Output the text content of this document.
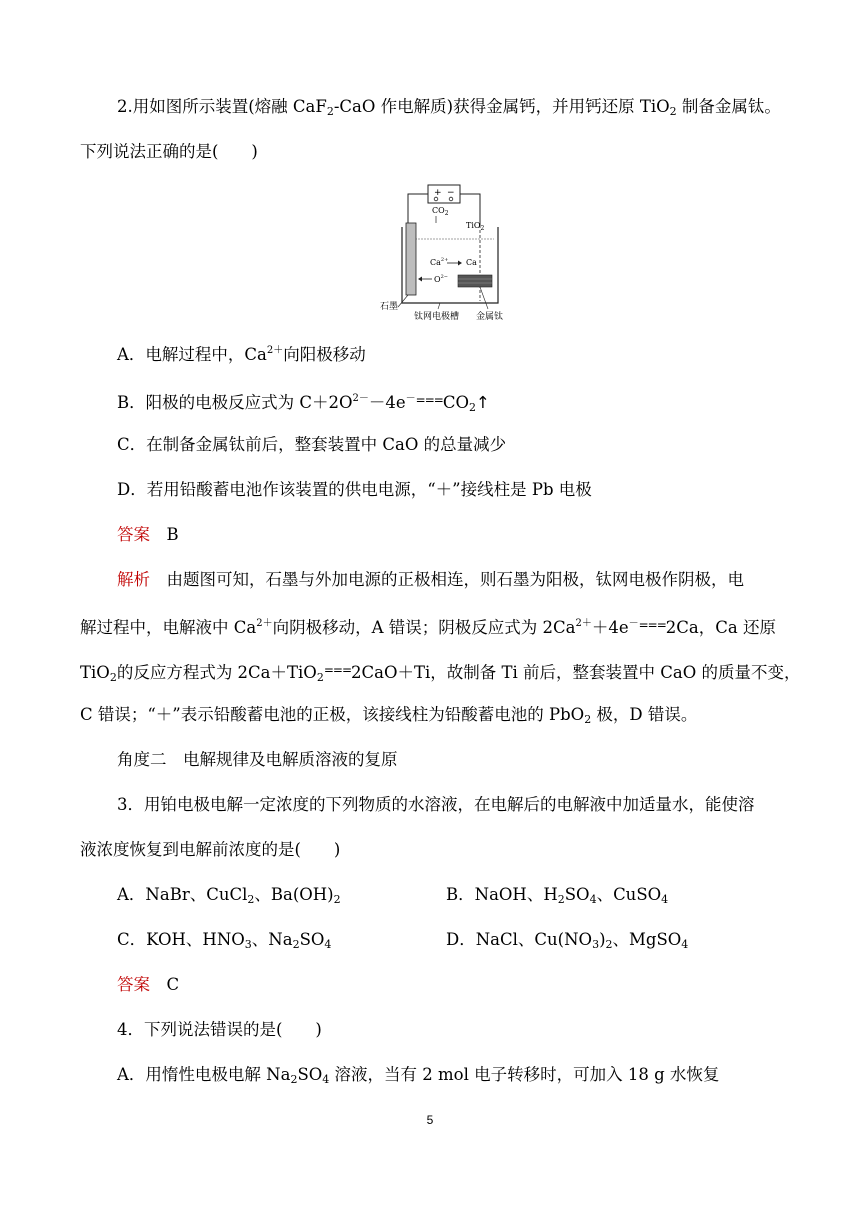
2.用如图所示装置(熔融 CaF$_2$-CaO 作电解质)获得金属钙，并用钙还原 TiO$_2$ 制备金属钛。
下列说法正确的是(　　)
+ −
$CO_2$
TiO$_2$
$Ca^{2+}$ Ca
$O^{2-}$
石墨
钛网电极槽 金属钛
A．电解过程中，$Ca^{2+}$向阳极移动
B．阳极的电极反应式为 $C+2O^{2-}-4e^-===CO_2↑$
C．在制备金属钛前后，整套装置中 CaO 的总量减少
D．若用铅酸蓄电池作该装置的供电电源，“＋”接线柱是 Pb 电极
答案　 B
解析　 由题图可知，石墨与外加电源的正极相连，则石墨为阳极，钛网电极作阴极，电
解过程中，电解液中 $Ca^{2+}$向阴极移动，A 错误；阴极反应式为 $2Ca^{2+}+4e^-===2Ca$，Ca 还原
TiO$_2$的反应方程式为 2Ca＋TiO$_2$===2CaO＋Ti，故制备 Ti 前后，整套装置中 CaO 的质量不变，
C 错误；“＋”表示铅酸蓄电池的正极，该接线柱为铅酸蓄电池的 PbO$_2$ 极，D 错误。
角度二　电解规律及电解质溶液的复原
3．用铂电极电解一定浓度的下列物质的水溶液，在电解后的电解液中加适量水，能使溶
液浓度恢复到电解前浓度的是(　　)
A．NaBr、CuCl$_2$、$Ba(OH)_2$	B．NaOH、$H_2SO_4$、CuSO$_4$
C．KOH、$HNO_3$、$Na_2SO_4$	D．NaCl、$Cu(NO_3)_2$、MgSO$_4$
答案　 C
4．下列说法错误的是(　　)
A．用惰性电极电解 $Na_2SO_4$ 溶液，当有 2 mol 电子转移时，可加入 18 g 水恢复
5
